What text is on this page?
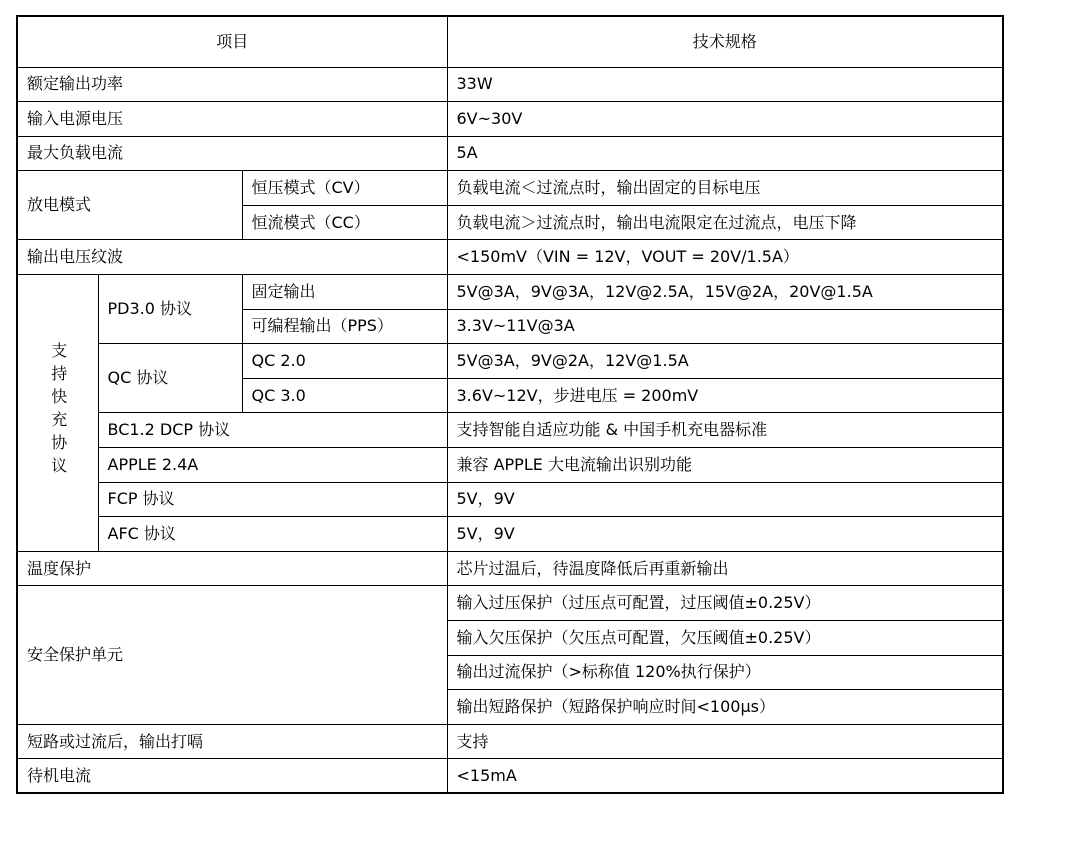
项目			技术规格
额定输出功率			33W
输入电源电压			6V~30V
最大负载电流			5A
放电模式		恒压模式（CV）	负载电流＜过流点时，输出固定的目标电压
		恒流模式（CC）	负载电流＞过流点时，输出电流限定在过流点，电压下降
输出电压纹波			<150mV（VIN = 12V，VOUT = 20V/1.5A）
支持快充协议	PD3.0 协议	固定输出	5V@3A，9V@3A，12V@2.5A，15V@2A，20V@1.5A
		可编程输出（PPS）	3.3V~11V@3A
	QC 协议	QC 2.0	5V@3A，9V@2A，12V@1.5A
		QC 3.0	3.6V~12V，步进电压 = 200mV
	BC1.2 DCP 协议		支持智能自适应功能 & 中国手机充电器标准
	APPLE 2.4A		兼容 APPLE 大电流输出识别功能
	FCP 协议		5V，9V
	AFC 协议		5V，9V
温度保护			芯片过温后，待温度降低后再重新输出
安全保护单元			输入过压保护（过压点可配置，过压阈值±0.25V）
			输入欠压保护（欠压点可配置，欠压阈值±0.25V）
			输出过流保护（>标称值 120%执行保护）
			输出短路保护（短路保护响应时间<100μs）
短路或过流后，输出打嗝			支持
待机电流			<15mA
